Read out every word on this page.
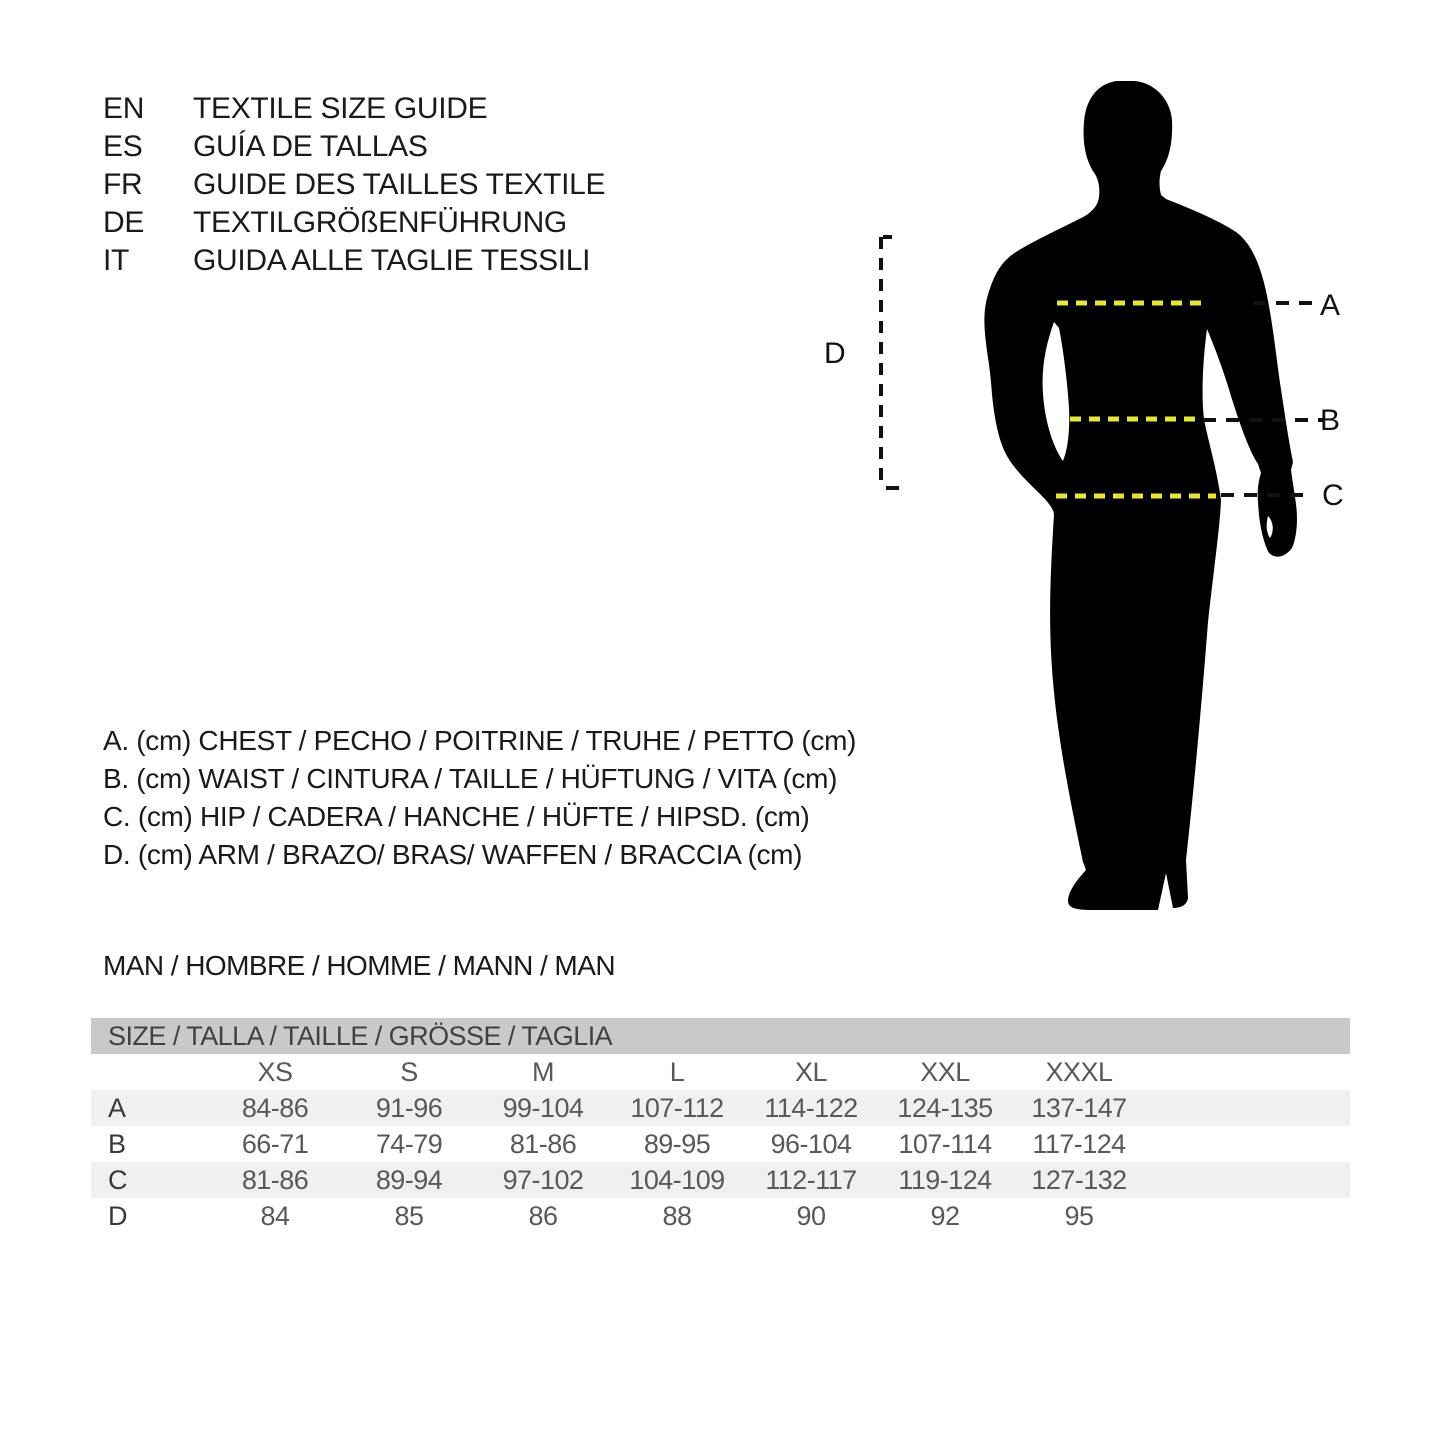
EN	TEXTILE SIZE GUIDE
ES	GUÍA DE TALLAS
FR	GUIDE DES TAILLES TEXTILE
DE	TEXTILGRÖßENFÜHRUNG
IT	GUIDA ALLE TAGLIE TESSILI
A
B
C
D
A. (cm) CHEST / PECHO / POITRINE / TRUHE / PETTO (cm)
B. (cm) WAIST / CINTURA / TAILLE / HÜFTUNG / VITA (cm)
C. (cm) HIP / CADERA / HANCHE / HÜFTE / HIPSD. (cm)
D. (cm) ARM / BRAZO/ BRAS/ WAFFEN / BRACCIA (cm)
MAN / HOMBRE / HOMME / MANN / MAN
SIZE / TALLA / TAILLE / GRÖSSE / TAGLIA
XS	S	M	L	XL	XXL	XXXL
A	84-86	91-96	99-104	107-112	114-122	124-135	137-147
B	66-71	74-79	81-86	89-95	96-104	107-114	117-124
C	81-86	89-94	97-102	104-109	112-117	119-124	127-132
D	84	85	86	88	90	92	95
